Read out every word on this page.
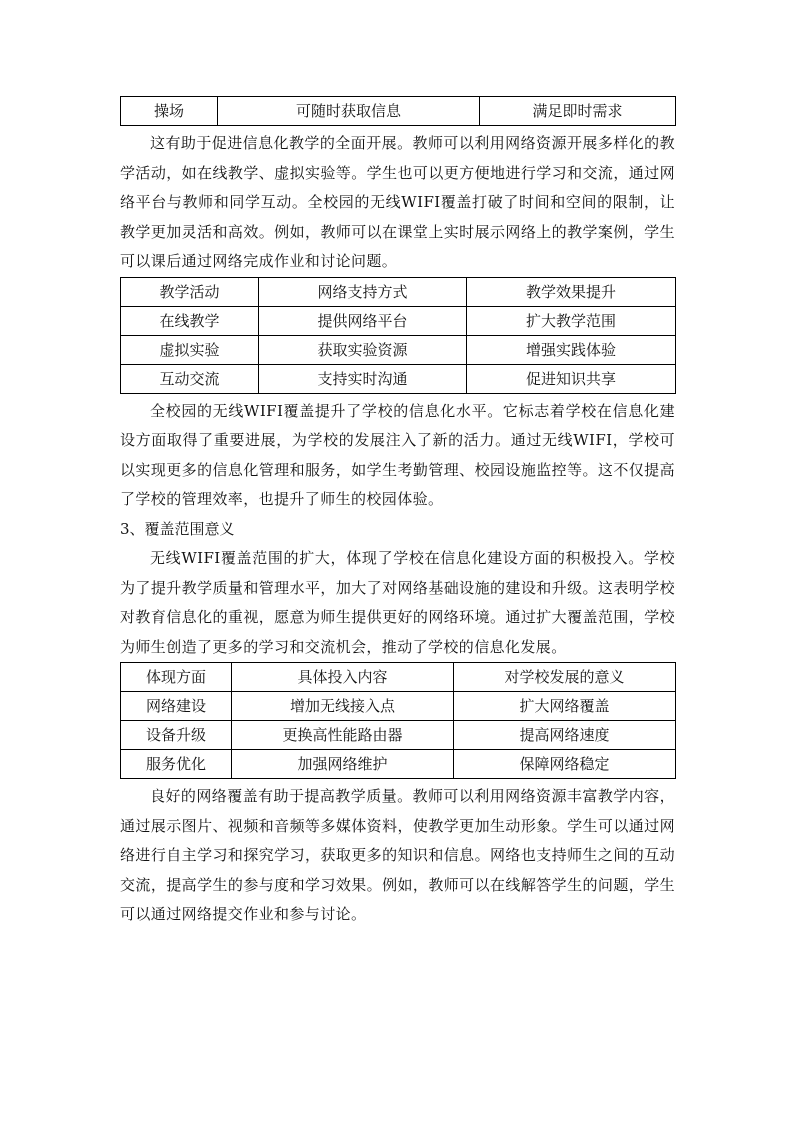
操场	可随时获取信息	满足即时需求

这有助于促进信息化教学的全面开展。教师可以利用网络资源开展多样化的教学活动，如在线教学、虚拟实验等。学生也可以更方便地进行学习和交流，通过网络平台与教师和同学互动。全校园的无线WIFI覆盖打破了时间和空间的限制，让教学更加灵活和高效。例如，教师可以在课堂上实时展示网络上的教学案例，学生可以课后通过网络完成作业和讨论问题。

教学活动	网络支持方式	教学效果提升
在线教学	提供网络平台	扩大教学范围
虚拟实验	获取实验资源	增强实践体验
互动交流	支持实时沟通	促进知识共享

全校园的无线WIFI覆盖提升了学校的信息化水平。它标志着学校在信息化建设方面取得了重要进展，为学校的发展注入了新的活力。通过无线WIFI，学校可以实现更多的信息化管理和服务，如学生考勤管理、校园设施监控等。这不仅提高了学校的管理效率，也提升了师生的校园体验。

3、覆盖范围意义

无线WIFI覆盖范围的扩大，体现了学校在信息化建设方面的积极投入。学校为了提升教学质量和管理水平，加大了对网络基础设施的建设和升级。这表明学校对教育信息化的重视，愿意为师生提供更好的网络环境。通过扩大覆盖范围，学校为师生创造了更多的学习和交流机会，推动了学校的信息化发展。

体现方面	具体投入内容	对学校发展的意义
网络建设	增加无线接入点	扩大网络覆盖
设备升级	更换高性能路由器	提高网络速度
服务优化	加强网络维护	保障网络稳定

良好的网络覆盖有助于提高教学质量。教师可以利用网络资源丰富教学内容，通过展示图片、视频和音频等多媒体资料，使教学更加生动形象。学生可以通过网络进行自主学习和探究学习，获取更多的知识和信息。网络也支持师生之间的互动交流，提高学生的参与度和学习效果。例如，教师可以在线解答学生的问题，学生可以通过网络提交作业和参与讨论。
